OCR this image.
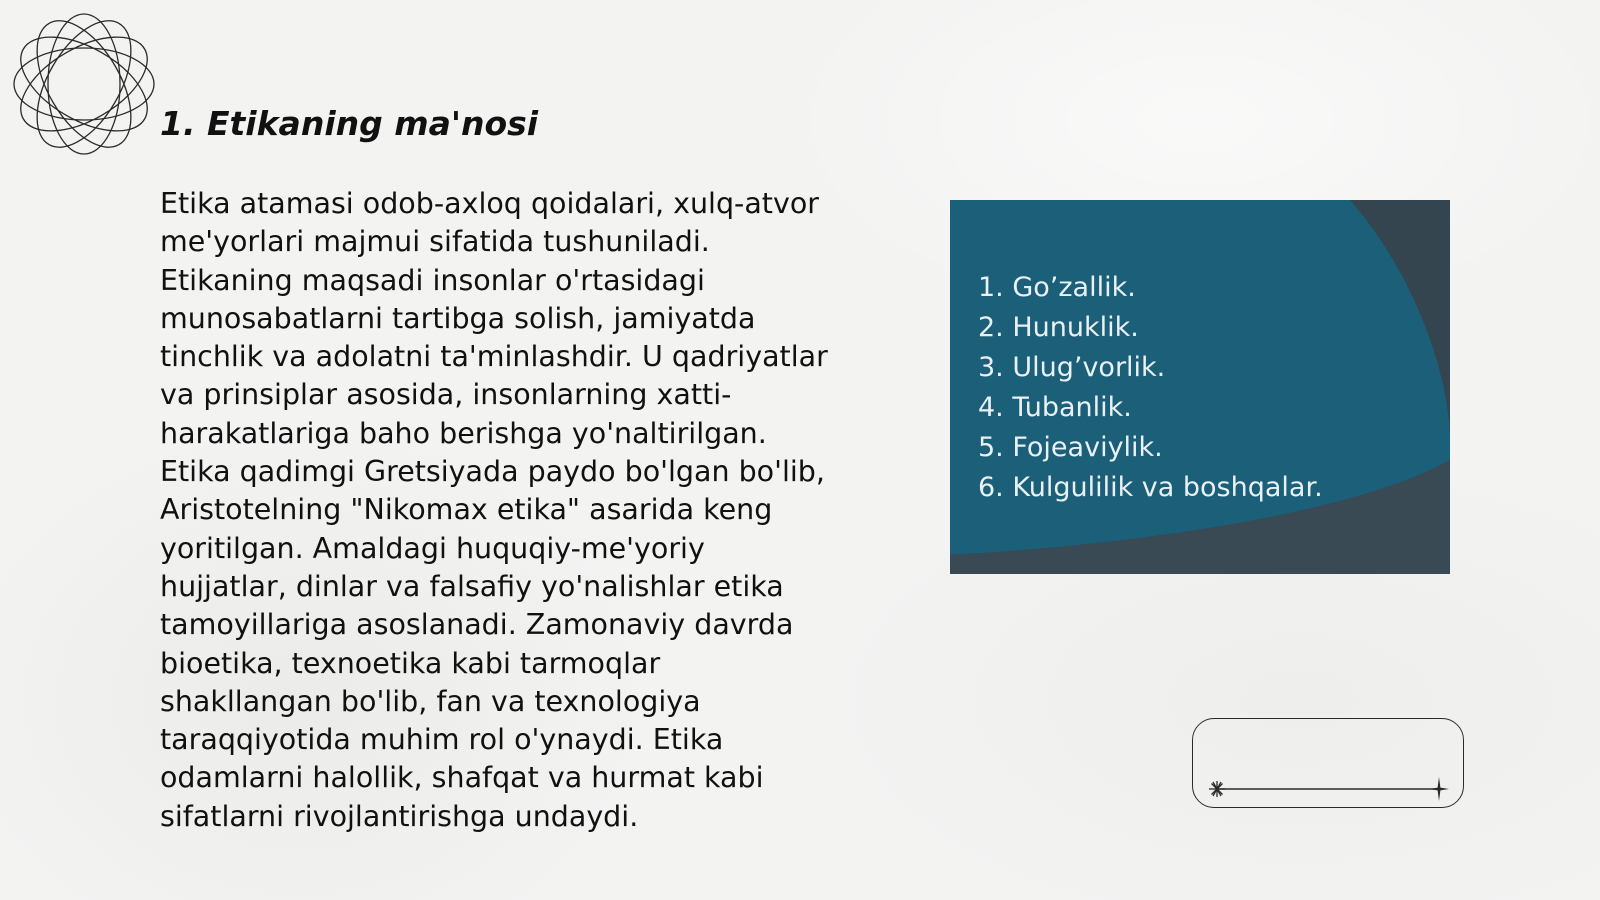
1. Etikaning ma'nosi

Etika atamasi odob-axloq qoidalari, xulq-atvor me'yorlari majmui sifatida tushuniladi. Etikaning maqsadi insonlar o'rtasidagi munosabatlarni tartibga solish, jamiyatda tinchlik va adolatni ta'minlashdir. U qadriyatlar va prinsiplar asosida, insonlarning xatti-harakatlariga baho berishga yo'naltirilgan. Etika qadimgi Gretsiyada paydo bo'lgan bo'lib, Aristotelning "Nikomax etika" asarida keng yoritilgan. Amaldagi huquqiy-me'yoriy hujjatlar, dinlar va falsafiy yo'nalishlar etika tamoyillariga asoslanadi. Zamonaviy davrda bioetika, texnoetika kabi tarmoqlar shakllangan bo'lib, fan va texnologiya taraqqiyotida muhim rol o'ynaydi. Etika odamlarni halollik, shafqat va hurmat kabi sifatlarni rivojlantirishga undaydi.

1. Go’zallik.
2. Hunuklik.
3. Ulug’vorlik.
4. Tubanlik.
5. Fojeaviylik.
6. Kulgulilik va boshqalar.
